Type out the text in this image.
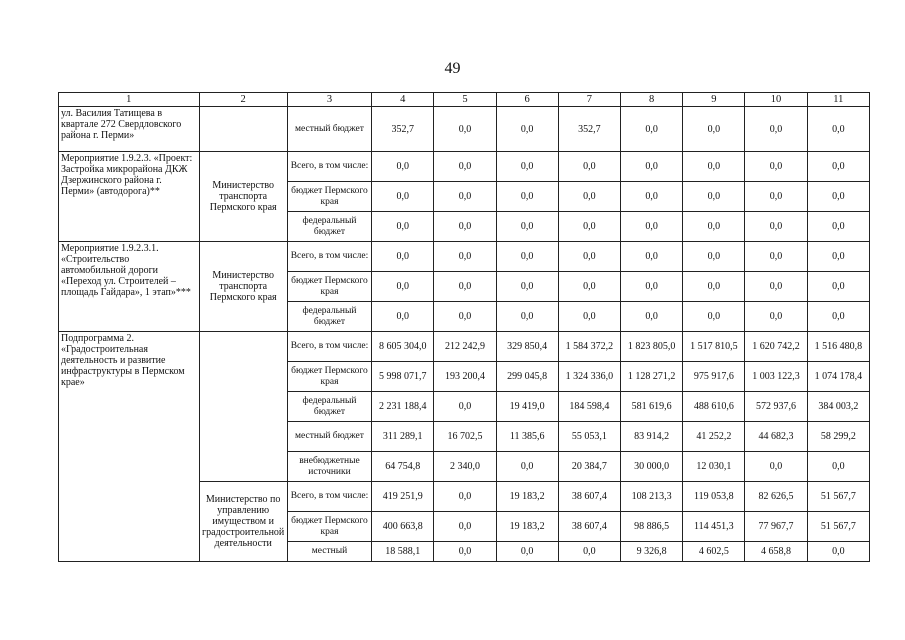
49
1	2	3	4	5	6	7	8	9	10	11
ул. Василия Татищева в квартале 272 Свердловского района г. Перми»		местный бюджет	352,7	0,0	0,0	352,7	0,0	0,0	0,0	0,0
Мероприятие 1.9.2.3. «Проект: Застройка микрорайона ДКЖ Дзержинского района г. Перми» (автодорога)**	Министерство транспорта Пермского края	Всего, в том числе:	0,0	0,0	0,0	0,0	0,0	0,0	0,0	0,0
		бюджет Пермского края	0,0	0,0	0,0	0,0	0,0	0,0	0,0	0,0
		федеральный бюджет	0,0	0,0	0,0	0,0	0,0	0,0	0,0	0,0
Мероприятие 1.9.2.3.1. «Строительство автомобильной дороги «Переход ул. Строителей – площадь Гайдара», 1 этап»***	Министерство транспорта Пермского края	Всего, в том числе:	0,0	0,0	0,0	0,0	0,0	0,0	0,0	0,0
		бюджет Пермского края	0,0	0,0	0,0	0,0	0,0	0,0	0,0	0,0
		федеральный бюджет	0,0	0,0	0,0	0,0	0,0	0,0	0,0	0,0
Подпрограмма 2. «Градостроительная деятельность и развитие инфраструктуры в Пермском крае»		Всего, в том числе:	8 605 304,0	212 242,9	329 850,4	1 584 372,2	1 823 805,0	1 517 810,5	1 620 742,2	1 516 480,8
		бюджет Пермского края	5 998 071,7	193 200,4	299 045,8	1 324 336,0	1 128 271,2	975 917,6	1 003 122,3	1 074 178,4
		федеральный бюджет	2 231 188,4	0,0	19 419,0	184 598,4	581 619,6	488 610,6	572 937,6	384 003,2
		местный бюджет	311 289,1	16 702,5	11 385,6	55 053,1	83 914,2	41 252,2	44 682,3	58 299,2
		внебюджетные источники	64 754,8	2 340,0	0,0	20 384,7	30 000,0	12 030,1	0,0	0,0
	Министерство по управлению имуществом и градостроительной деятельности	Всего, в том числе:	419 251,9	0,0	19 183,2	38 607,4	108 213,3	119 053,8	82 626,5	51 567,7
		бюджет Пермского края	400 663,8	0,0	19 183,2	38 607,4	98 886,5	114 451,3	77 967,7	51 567,7
		местный	18 588,1	0,0	0,0	0,0	9 326,8	4 602,5	4 658,8	0,0
